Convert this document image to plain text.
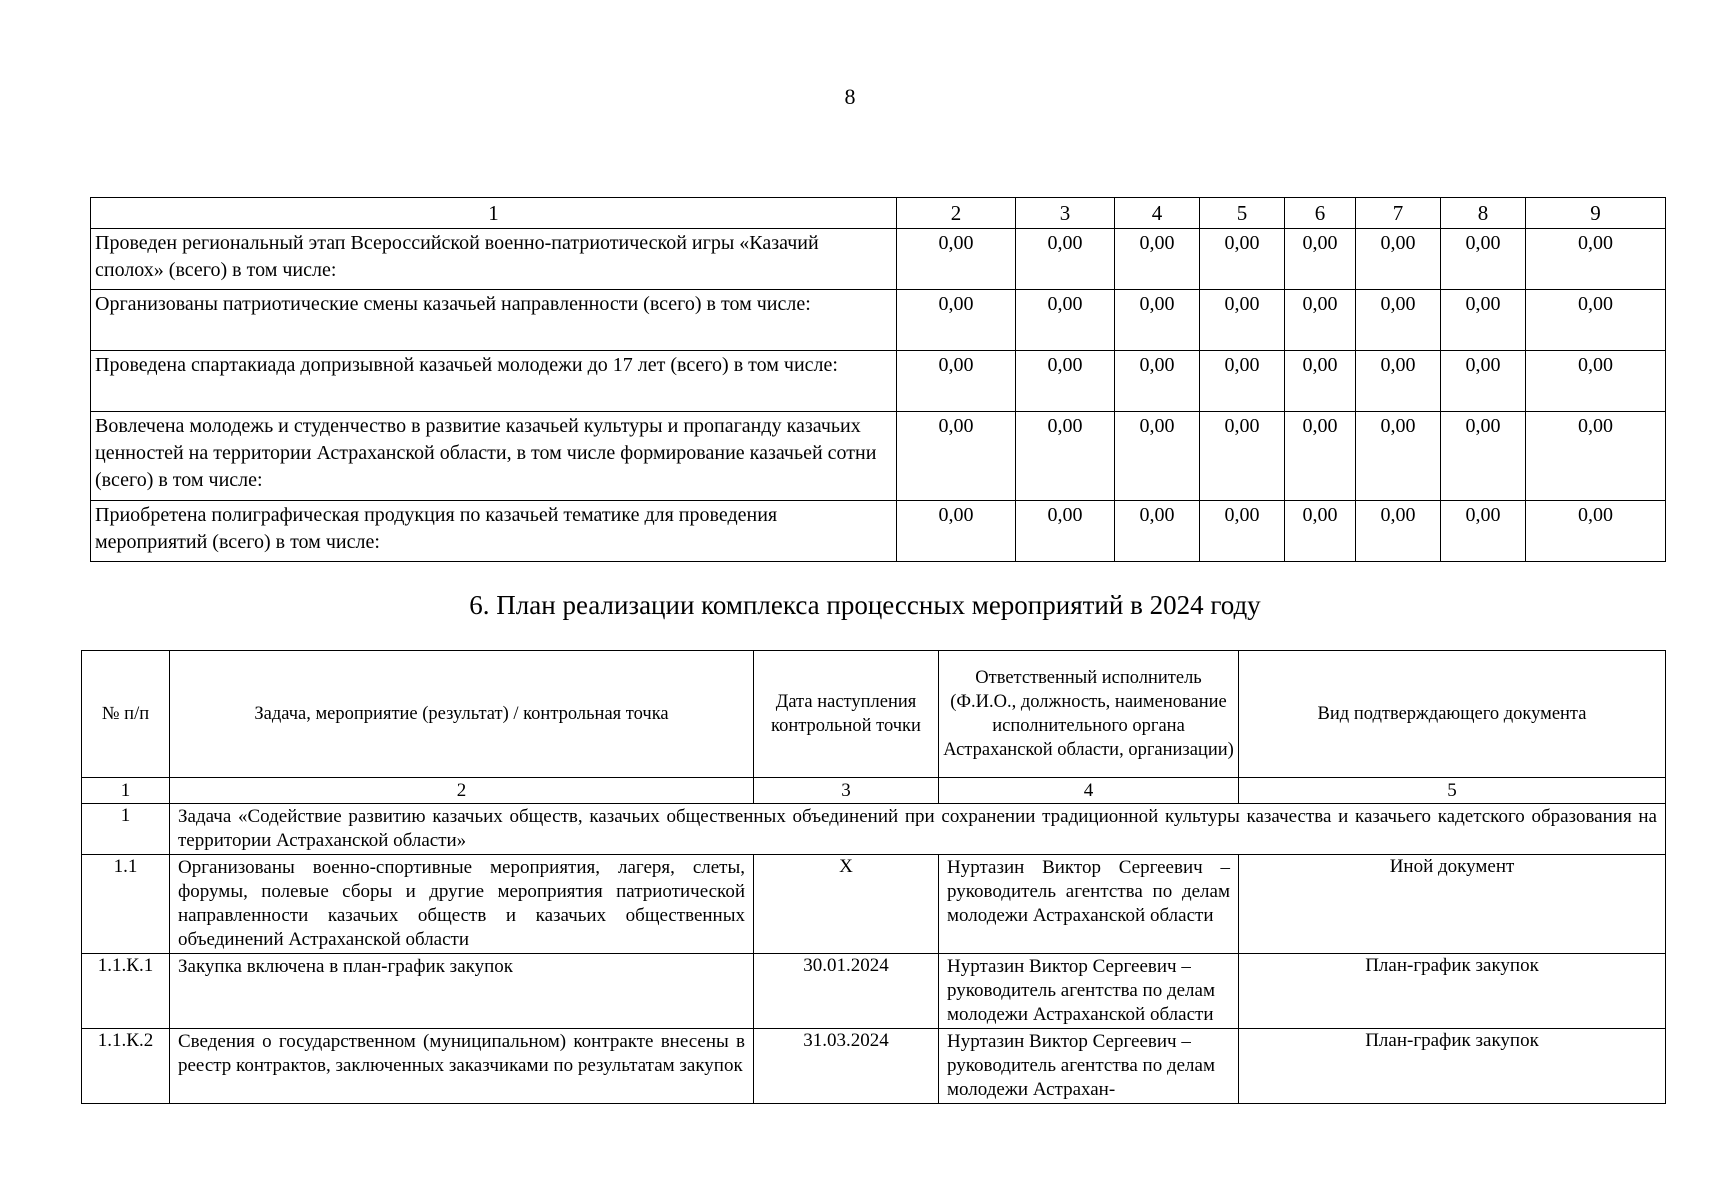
8
1	2	3	4	5	6	7	8	9
Проведен региональный этап Всероссийской военно-патриотической игры «Казачий сполох» (всего) в том числе:	0,00	0,00	0,00	0,00	0,00	0,00	0,00	0,00
Организованы патриотические смены казачьей направленности (всего) в том числе:	0,00	0,00	0,00	0,00	0,00	0,00	0,00	0,00
Проведена спартакиада допризывной казачьей молодежи до 17 лет (всего) в том числе:	0,00	0,00	0,00	0,00	0,00	0,00	0,00	0,00
Вовлечена молодежь и студенчество в развитие казачьей культуры и пропаганду казачьих ценностей на территории Астраханской области, в том числе формирование казачьей сотни (всего) в том числе:	0,00	0,00	0,00	0,00	0,00	0,00	0,00	0,00
Приобретена полиграфическая продукция по казачьей тематике для проведения мероприятий (всего) в том числе:	0,00	0,00	0,00	0,00	0,00	0,00	0,00	0,00
6. План реализации комплекса процессных мероприятий в 2024 году
№ п/п	Задача, мероприятие (результат) / контрольная точка	Дата наступления контрольной точки	Ответственный исполнитель (Ф.И.О., должность, наименование исполнительного органа Астраханской области, организации)	Вид подтверждающего документа
1	2	3	4	5
1	Задача «Содействие развитию казачьих обществ, казачьих общественных объединений при сохранении традиционной культуры казачества и казачьего кадетского образования на территории Астраханской области»			
1.1	Организованы военно-спортивные мероприятия, лагеря, слеты, форумы, полевые сборы и другие мероприятия патриотической направленности казачьих обществ и казачьих общественных объединений Астраханской области	Х	Нуртазин Виктор Сергеевич – руководитель агентства по делам молодежи Астраханской области	Иной документ
1.1.К.1	Закупка включена в план-график закупок	30.01.2024	Нуртазин Виктор Сергеевич – руководитель агентства по делам молодежи Астраханской области	План-график закупок
1.1.К.2	Сведения о государственном (муниципальном) контракте внесены в реестр контрактов, заключенных заказчиками по результатам закупок	31.03.2024	Нуртазин Виктор Сергеевич – руководитель агентства по делам молодежи Астрахан-	План-график закупок
